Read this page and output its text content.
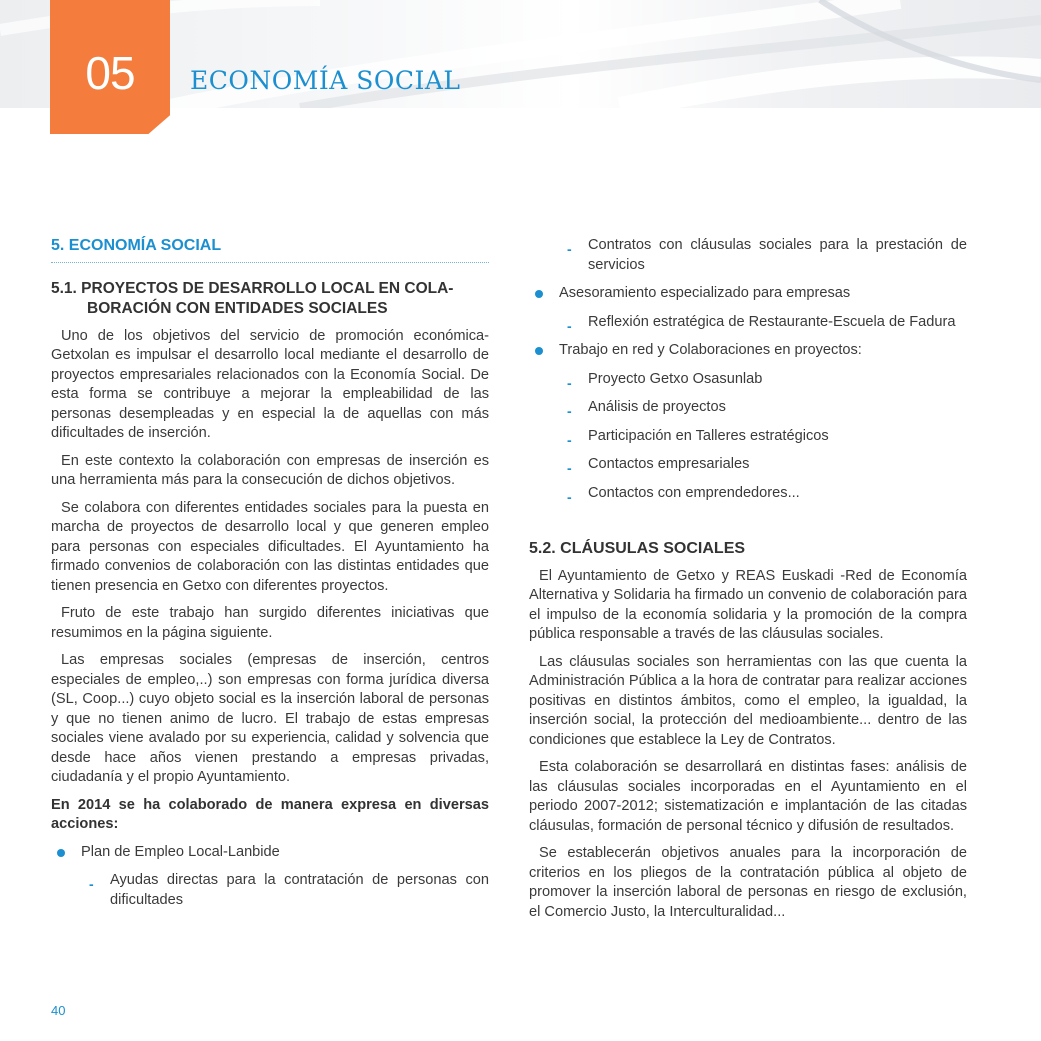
05	ECONOMÍA SOCIAL
5. ECONOMÍA SOCIAL
5.1. PROYECTOS DE DESARROLLO LOCAL EN COLA-BORACIÓN CON ENTIDADES SOCIALES

Uno de los objetivos del servicio de promoción económica-Getxolan es impulsar el desarrollo local mediante el desarrollo de proyectos empresariales relacionados con la Economía Social. De esta forma se contribuye a mejorar la empleabilidad de las personas desempleadas y en especial la de aquellas con más dificultades de inserción.

En este contexto la colaboración con empresas de inserción es una herramienta más para la consecución de dichos objetivos.

Se colabora con diferentes entidades sociales para la puesta en marcha de proyectos de desarrollo local y que generen empleo para personas con especiales dificultades. El Ayuntamiento ha firmado convenios de colaboración con las distintas entidades que tienen presencia en Getxo con diferentes proyectos.

Fruto de este trabajo han surgido diferentes iniciativas que resumimos en la página siguiente.

Las empresas sociales (empresas de inserción, centros especiales de empleo,..) son empresas con forma jurídica diversa (SL, Coop...) cuyo objeto social es la inserción laboral de personas y que no tienen animo de lucro. El trabajo de estas empresas sociales viene avalado por su experiencia, calidad y solvencia que desde hace años vienen prestando a empresas privadas, ciudadanía y el propio Ayuntamiento.

En 2014 se ha colaborado de manera expresa en diversas acciones:

Plan de Empleo Local-Lanbide
- Ayudas directas para la contratación de personas con dificultades
- Contratos con cláusulas sociales para la prestación de servicios
Asesoramiento especializado para empresas
- Reflexión estratégica de Restaurante-Escuela de Fadura
Trabajo en red y Colaboraciones en proyectos:
- Proyecto Getxo Osasunlab
- Análisis de proyectos
- Participación en Talleres estratégicos
- Contactos empresariales
- Contactos con emprendedores...
5.2. CLÁUSULAS SOCIALES

El Ayuntamiento de Getxo y REAS Euskadi -Red de Economía Alternativa y Solidaria ha firmado un convenio de colaboración para el impulso de la economía solidaria y la promoción de la compra pública responsable a través de las cláusulas sociales.

Las cláusulas sociales son herramientas con las que cuenta la Administración Pública a la hora de contratar para realizar acciones positivas en distintos ámbitos, como el empleo, la igualdad, la inserción social, la protección del medioambiente... dentro de las condiciones que establece la Ley de Contratos.

Esta colaboración se desarrollará en distintas fases: análisis de las cláusulas sociales incorporadas en el Ayuntamiento en el periodo 2007-2012; sistematización e implantación de las citadas cláusulas, formación de personal técnico y difusión de resultados.

Se establecerán objetivos anuales para la incorporación de criterios en los pliegos de la contratación pública al objeto de promover la inserción laboral de personas en riesgo de exclusión, el Comercio Justo, la Interculturalidad...

40
